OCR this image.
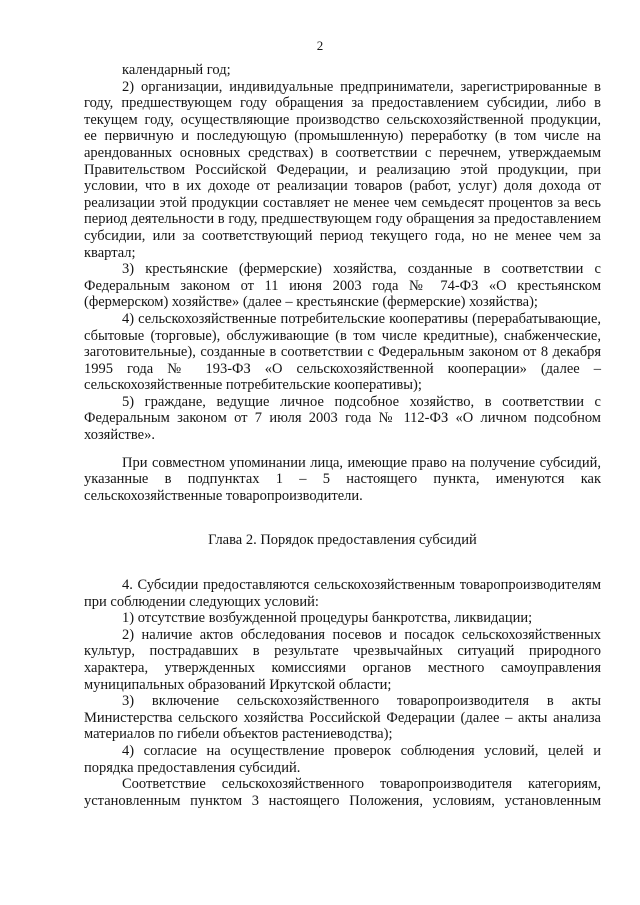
2

календарный год;

2) организации, индивидуальные предприниматели, зарегистрированные в году, предшествующем году обращения за предоставлением субсидии, либо в текущем году, осуществляющие производство сельскохозяйственной продукции, ее первичную и последующую (промышленную) переработку (в том числе на арендованных основных средствах) в соответствии с перечнем, утверждаемым Правительством Российской Федерации, и реализацию этой продукции, при условии, что в их доходе от реализации товаров (работ, услуг) доля дохода от реализации этой продукции составляет не менее чем семьдесят процентов за весь период деятельности в году, предшествующем году обращения за предоставлением субсидии, или за соответствующий период текущего года, но не менее чем за квартал;

3) крестьянские (фермерские) хозяйства, созданные в соответствии с Федеральным законом от 11 июня 2003 года № 74-ФЗ «О крестьянском (фермерском) хозяйстве» (далее – крестьянские (фермерские) хозяйства);

4) сельскохозяйственные потребительские кооперативы (перерабатывающие, сбытовые (торговые), обслуживающие (в том числе кредитные), снабженческие, заготовительные), созданные в соответствии с Федеральным законом от 8 декабря 1995 года № 193-ФЗ «О сельскохозяйственной кооперации» (далее – сельскохозяйственные потребительские кооперативы);

5) граждане, ведущие личное подсобное хозяйство, в соответствии с Федеральным законом от 7 июля 2003 года № 112-ФЗ «О личном подсобном хозяйстве».

При совместном упоминании лица, имеющие право на получение субсидий, указанные в подпунктах 1 – 5 настоящего пункта, именуются как сельскохозяйственные товаропроизводители.

Глава 2. Порядок предоставления субсидий

4. Субсидии предоставляются сельскохозяйственным товаропроизводителям при соблюдении следующих условий:

1) отсутствие возбужденной процедуры банкротства, ликвидации;

2) наличие актов обследования посевов и посадок сельскохозяйственных культур, пострадавших в результате чрезвычайных ситуаций природного характера, утвержденных комиссиями органов местного самоуправления муниципальных образований Иркутской области;

3) включение сельскохозяйственного товаропроизводителя в акты Министерства сельского хозяйства Российской Федерации (далее – акты анализа материалов по гибели объектов растениеводства);

4) согласие на осуществление проверок соблюдения условий, целей и порядка предоставления субсидий.

Соответствие сельскохозяйственного товаропроизводителя категориям, установленным пунктом 3 настоящего Положения, условиям, установленным
